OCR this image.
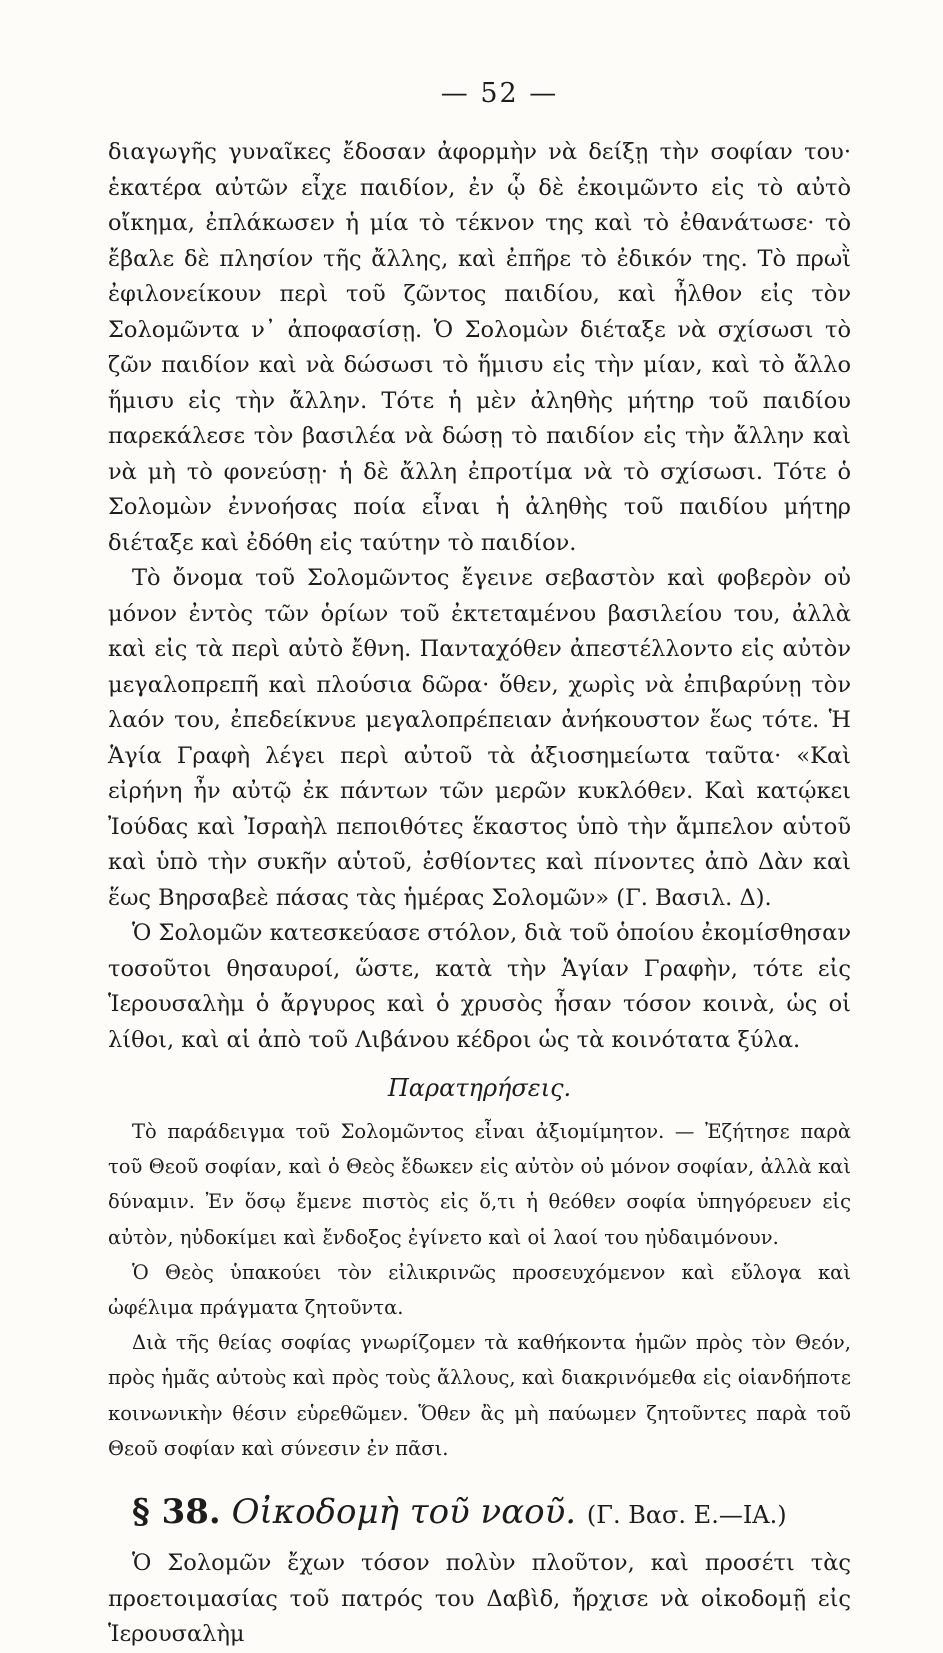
— 52 —

διαγωγῆς γυναῖκες ἔδοσαν ἀφορμὴν νὰ δείξῃ τὴν σοφίαν του· ἑκατέρα αὐτῶν εἶχε παιδίον, ἐν ᾧ δὲ ἐκοιμῶντο εἰς τὸ αὐτὸ οἴκημα, ἐπλάκωσεν ἡ μία τὸ τέκνον της καὶ τὸ ἐθανάτωσε· τὸ ἔβαλε δὲ πλησίον τῆς ἄλλης, καὶ ἐπῆρε τὸ ἐδικόν της. Τὸ πρωῒ ἐφιλονείκουν περὶ τοῦ ζῶντος παιδίου, καὶ ἦλθον εἰς τὸν Σολομῶντα ν᾽ ἀποφασίσῃ. Ὁ Σολομὼν διέταξε νὰ σχίσωσι τὸ ζῶν παιδίον καὶ νὰ δώσωσι τὸ ἥμισυ εἰς τὴν μίαν, καὶ τὸ ἄλλο ἥμισυ εἰς τὴν ἄλλην. Τότε ἡ μὲν ἀληθὴς μήτηρ τοῦ παιδίου παρεκάλεσε τὸν βασιλέα νὰ δώσῃ τὸ παιδίον εἰς τὴν ἄλλην καὶ νὰ μὴ τὸ φονεύσῃ· ἡ δὲ ἄλλη ἐπροτίμα νὰ τὸ σχίσωσι. Τότε ὁ Σολομὼν ἐννοήσας ποία εἶναι ἡ ἀληθὴς τοῦ παιδίου μήτηρ διέταξε καὶ ἐδόθη εἰς ταύτην τὸ παιδίον.

Τὸ ὄνομα τοῦ Σολομῶντος ἔγεινε σεβαστὸν καὶ φοβερὸν οὐ μόνον ἐντὸς τῶν ὁρίων τοῦ ἐκτεταμένου βασιλείου του, ἀλλὰ καὶ εἰς τὰ περὶ αὐτὸ ἔθνη. Πανταχόθεν ἀπεστέλλοντο εἰς αὐτὸν μεγαλοπρεπῆ καὶ πλούσια δῶρα· ὅθεν, χωρὶς νὰ ἐπιβαρύνῃ τὸν λαόν του, ἐπεδείκνυε μεγαλοπρέπειαν ἀνήκουστον ἕως τότε. Ἡ Ἁγία Γραφὴ λέγει περὶ αὐτοῦ τὰ ἀξιοσημείωτα ταῦτα· «Καὶ εἰρήνη ἦν αὐτῷ ἐκ πάντων τῶν μερῶν κυκλόθεν. Καὶ κατῴκει Ἰούδας καὶ Ἰσραὴλ πεποιθότες ἕκαστος ὑπὸ τὴν ἄμπελον αὑτοῦ καὶ ὑπὸ τὴν συκῆν αὑτοῦ, ἐσθίοντες καὶ πίνοντες ἀπὸ Δὰν καὶ ἕως Βηρσαβεὲ πάσας τὰς ἡμέρας Σολομῶν» (Γ. Βασιλ. Δ).

Ὁ Σολομῶν κατεσκεύασε στόλον, διὰ τοῦ ὁποίου ἐκομίσθησαν τοσοῦτοι θησαυροί, ὥστε, κατὰ τὴν Ἁγίαν Γραφὴν, τότε εἰς Ἱερουσαλὴμ ὁ ἄργυρος καὶ ὁ χρυσὸς ἦσαν τόσον κοινὰ, ὡς οἱ λίθοι, καὶ αἱ ἀπὸ τοῦ Λιβάνου κέδροι ὡς τὰ κοινότατα ξύλα.

Παρατηρήσεις.

Τὸ παράδειγμα τοῦ Σολομῶντος εἶναι ἀξιομίμητον. — Ἐζήτησε παρὰ τοῦ Θεοῦ σοφίαν, καὶ ὁ Θεὸς ἔδωκεν εἰς αὐτὸν οὐ μόνον σοφίαν, ἀλλὰ καὶ δύναμιν. Ἐν ὅσῳ ἔμενε πιστὸς εἰς ὅ,τι ἡ θεόθεν σοφία ὑπηγόρευεν εἰς αὐτὸν, ηὐδοκίμει καὶ ἔνδοξος ἐγίνετο καὶ οἱ λαοί του ηὐδαιμόνουν.

Ὁ Θεὸς ὑπακούει τὸν εἰλικρινῶς προσευχόμενον καὶ εὔλογα καὶ ὠφέλιμα πράγματα ζητοῦντα.

Διὰ τῆς θείας σοφίας γνωρίζομεν τὰ καθήκοντα ἡμῶν πρὸς τὸν Θεόν, πρὸς ἡμᾶς αὐτοὺς καὶ πρὸς τοὺς ἄλλους, καὶ διακρινόμεθα εἰς οἱανδήποτε κοινωνικὴν θέσιν εὑρεθῶμεν. Ὅθεν ἂς μὴ παύωμεν ζητοῦντες παρὰ τοῦ Θεοῦ σοφίαν καὶ σύνεσιν ἐν πᾶσι.

§ 38. Οἰκοδομὴ τοῦ ναοῦ. (Γ. Βασ. Ε.—ΙΑ.)

Ὁ Σολομῶν ἔχων τόσον πολὺν πλοῦτον, καὶ προσέτι τὰς προετοιμασίας τοῦ πατρός του Δαβὶδ, ἤρχισε νὰ οἰκοδομῇ εἰς Ἱερουσαλὴμ
